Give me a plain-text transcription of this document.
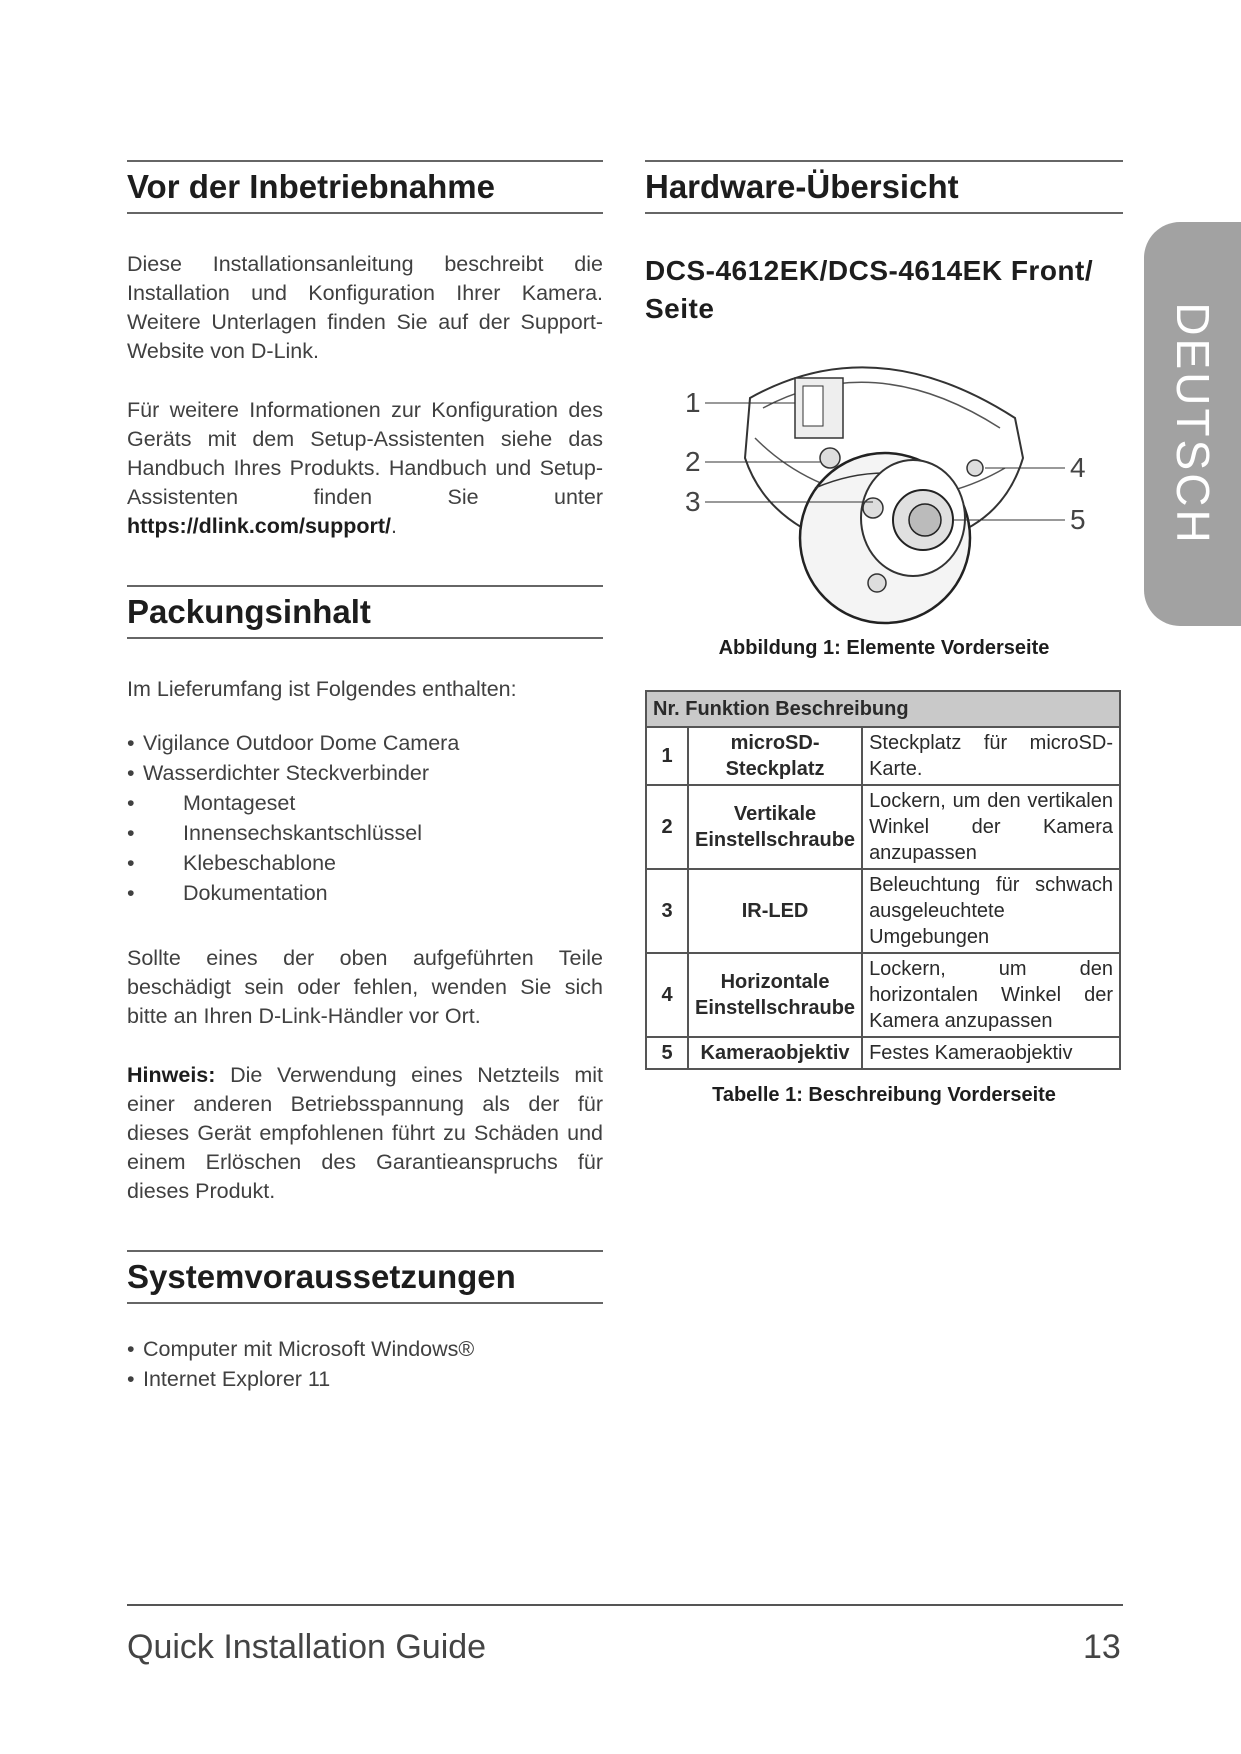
Vor der Inbetriebnahme

Diese Installationsanleitung beschreibt die Installation und Konfiguration Ihrer Kamera. Weitere Unterlagen finden Sie auf der Support-Website von D-Link.

Für weitere Informationen zur Konfiguration des Geräts mit dem Setup-Assistenten siehe das Handbuch Ihres Produkts. Handbuch und Setup-Assistenten finden Sie unter https://dlink.com/support/.

Packungsinhalt

Im Lieferumfang ist Folgendes enthalten:

• Vigilance Outdoor Dome Camera
• Wasserdichter Steckverbinder
• Montageset
• Innensechskantschlüssel
• Klebeschablone
• Dokumentation

Sollte eines der oben aufgeführten Teile beschädigt sein oder fehlen, wenden Sie sich bitte an Ihren D-Link-Händler vor Ort.

Hinweis: Die Verwendung eines Netzteils mit einer anderen Betriebsspannung als der für dieses Gerät empfohlenen führt zu Schäden und einem Erlöschen des Garantieanspruchs für dieses Produkt.

Systemvoraussetzungen
• Computer mit Microsoft Windows®
• Internet Explorer 11
Hardware-Übersicht
DCS-4612EK/DCS-4614EK Front/ Seite
1
2
3
4
5
Abbildung 1: Elemente Vorderseite
Nr. Funktion Beschreibung		
1	microSD-Steckplatz	Steckplatz für microSD-Karte.
2	Vertikale Einstellschraube	Lockern, um den vertikalen Winkel der Kamera anzupassen
3	IR-LED	Beleuchtung für schwach ausgeleuchtete Umgebungen
4	Horizontale Einstellschraube	Lockern, um den horizontalen Winkel der Kamera anzupassen
5	Kameraobjektiv	Festes Kameraobjektiv
Tabelle 1: Beschreibung Vorderseite
DEUTSCH
Quick Installation Guide	13
